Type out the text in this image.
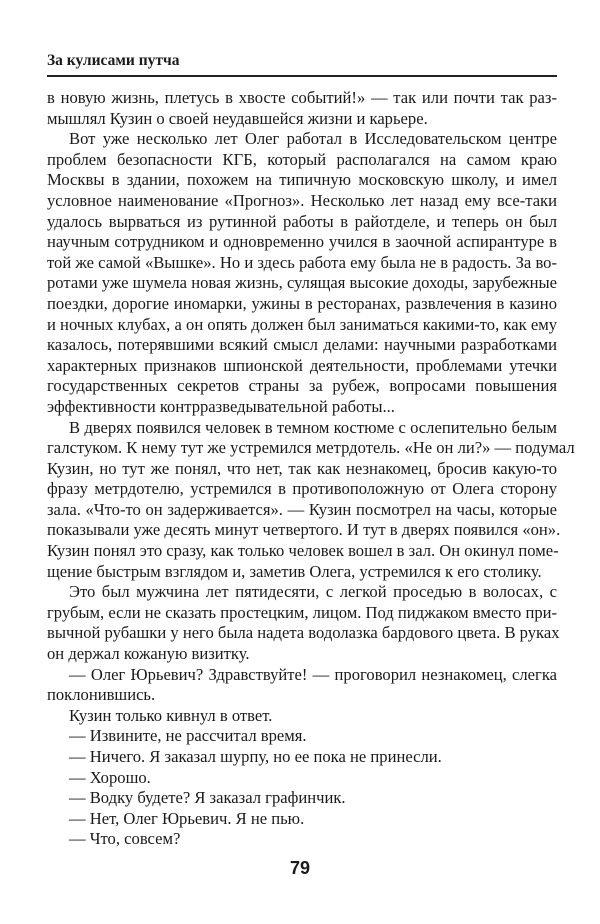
За кулисами путча
в новую жизнь, плетусь в хвосте событий!» — так или почти так раз-
мышлял Кузин о своей неудавшейся жизни и карьере.
Вот уже несколько лет Олег работал в Исследовательском центре
проблем безопасности КГБ, который располагался на самом краю
Москвы в здании, похожем на типичную московскую школу, и имел
условное наименование «Прогноз». Несколько лет назад ему все-таки
удалось вырваться из рутинной работы в райотделе, и теперь он был
научным сотрудником и одновременно учился в заочной аспирантуре в
той же самой «Вышке». Но и здесь работа ему была не в радость. За во-
ротами уже шумела новая жизнь, сулящая высокие доходы, зарубежные
поездки, дорогие иномарки, ужины в ресторанах, развлечения в казино
и ночных клубах, а он опять должен был заниматься какими-то, как ему
казалось, потерявшими всякий смысл делами: научными разработками
характерных признаков шпионской деятельности, проблемами утечки
государственных секретов страны за рубеж, вопросами повышения
эффективности контрразведывательной работы...
В дверях появился человек в темном костюме с ослепительно белым
галстуком. К нему тут же устремился метрдотель. «Не он ли?» — подумал
Кузин, но тут же понял, что нет, так как незнакомец, бросив какую-то
фразу метрдотелю, устремился в противоположную от Олега сторону
зала. «Что-то он задерживается». — Кузин посмотрел на часы, которые
показывали уже десять минут четвертого. И тут в дверях появился «он».
Кузин понял это сразу, как только человек вошел в зал. Он окинул поме-
щение быстрым взглядом и, заметив Олега, устремился к его столику.
Это был мужчина лет пятидесяти, с легкой проседью в волосах, с
грубым, если не сказать простецким, лицом. Под пиджаком вместо при-
вычной рубашки у него была надета водолазка бардового цвета. В руках
он держал кожаную визитку.
— Олег Юрьевич? Здравствуйте! — проговорил незнакомец, слегка
поклонившись.
Кузин только кивнул в ответ.
— Извините, не рассчитал время.
— Ничего. Я заказал шурпу, но ее пока не принесли.
— Хорошо.
— Водку будете? Я заказал графинчик.
— Нет, Олег Юрьевич. Я не пью.
— Что, совсем?
79
